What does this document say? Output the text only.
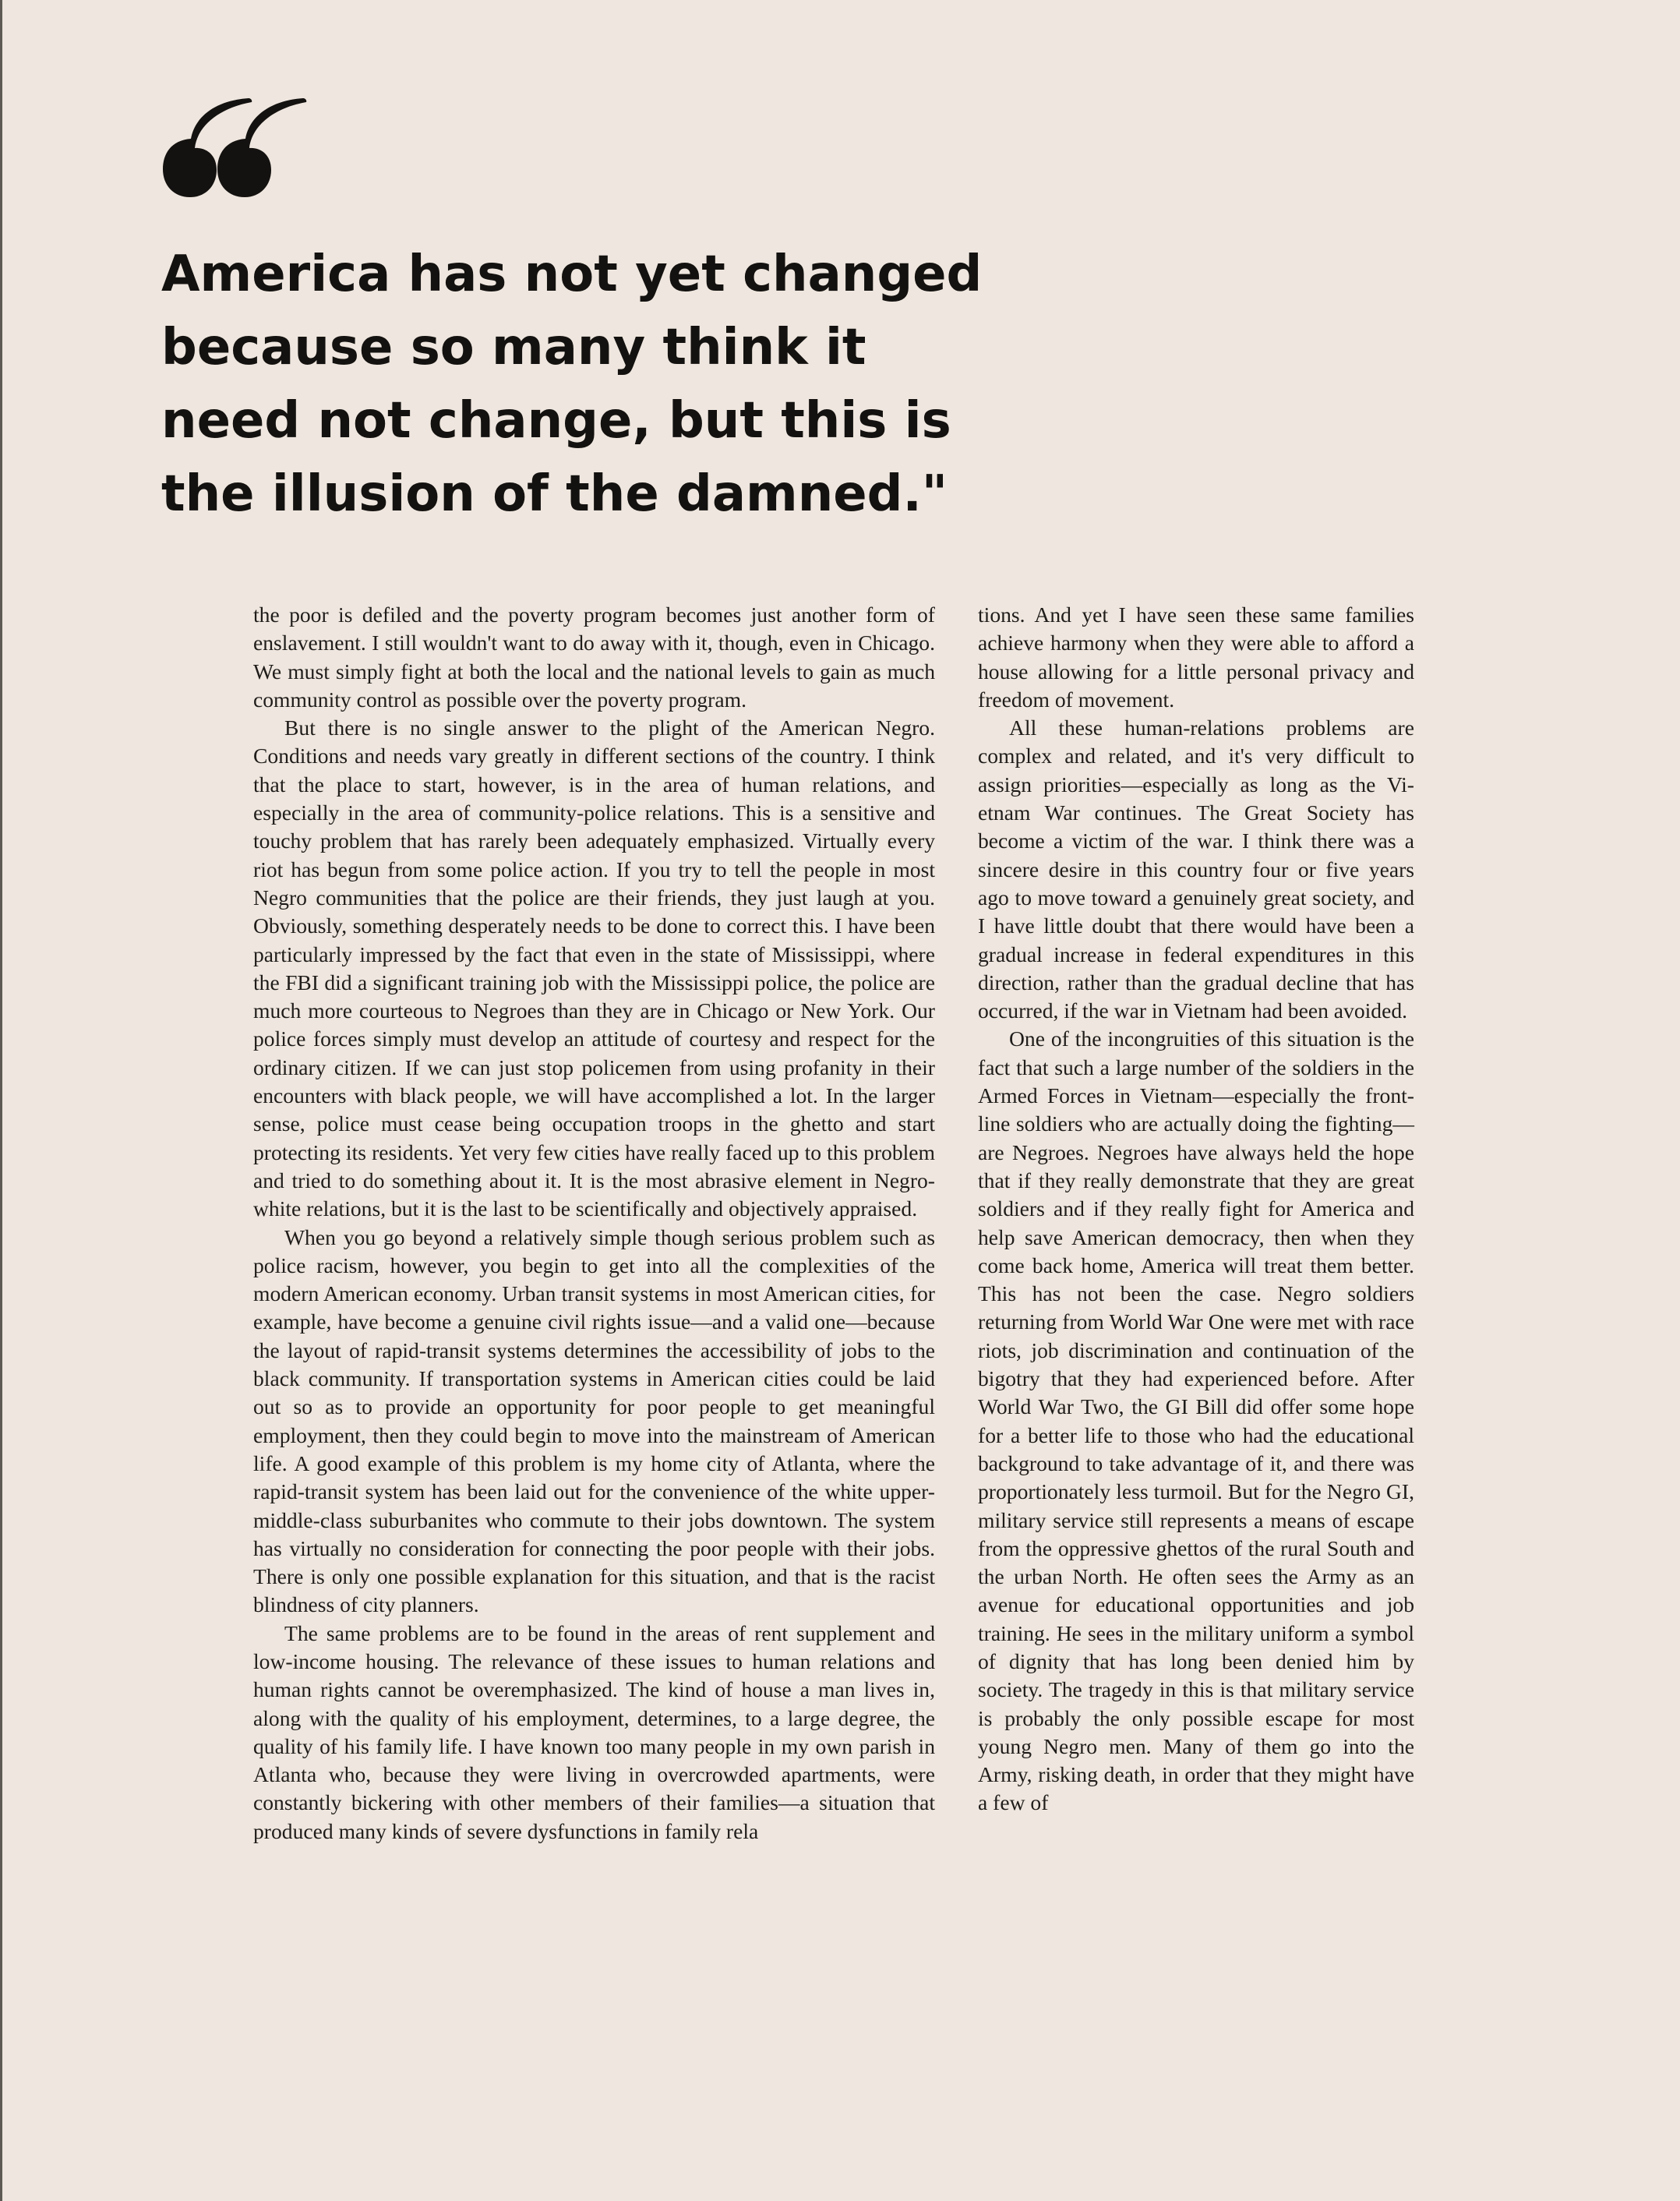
America has not yet changed
because so many think it
need not change, but this is
the illusion of the damned."

the poor is defiled and the poverty program becomes just another form of enslavement. I still wouldn't want to do away with it, though, even in Chicago. We must simply fight at both the local and the national levels to gain as much community control as possible over the poverty program.

But there is no single answer to the plight of the American Negro. Conditions and needs vary greatly in different sections of the country. I think that the place to start, however, is in the area of human relations, and especially in the area of community-police relations. This is a sensitive and touchy problem that has rarely been adequately emphasized. Virtually every riot has begun from some police action. If you try to tell the people in most Negro communities that the police are their friends, they just laugh at you. Obviously, something desperately needs to be done to correct this. I have been particularly impressed by the fact that even in the state of Mississippi, where the FBI did a significant training job with the Mississippi police, the police are much more courteous to Negroes than they are in Chicago or New York. Our police forces simply must develop an attitude of courtesy and respect for the ordinary citizen. If we can just stop policemen from using profanity in their encounters with black people, we will have accomplished a lot. In the larger sense, police must cease being occupation troops in the ghetto and start protecting its residents. Yet very few cities have really faced up to this problem and tried to do something about it. It is the most abrasive element in Negro-white relations, but it is the last to be scientifically and objectively appraised.

When you go beyond a relatively simple though serious problem such as police racism, however, you begin to get into all the complexities of the modern American economy. Urban transit systems in most American cities, for example, have become a genuine civil rights issue—and a valid one—because the layout of rapid-transit systems determines the accessibility of jobs to the black community. If transportation systems in American cities could be laid out so as to provide an opportunity for poor people to get meaningful employment, then they could begin to move into the mainstream of American life. A good example of this problem is my home city of Atlanta, where the rapid-transit system has been laid out for the convenience of the white upper-middle-class suburbanites who commute to their jobs downtown. The system has virtually no consideration for connecting the poor people with their jobs. There is only one possible explanation for this situation, and that is the racist blindness of city planners.

The same problems are to be found in the areas of rent supplement and low-income housing. The relevance of these issues to human relations and human rights cannot be overemphasized. The kind of house a man lives in, along with the quality of his employment, determines, to a large degree, the quality of his family life. I have known too many people in my own parish in Atlanta who, because they were living in overcrowded apartments, were constantly bickering with other members of their families—a situation that produced many kinds of severe dysfunctions in family rela

tions. And yet I have seen these same families achieve harmony when they were able to afford a house allowing for a little personal privacy and freedom of movement.

All these human-relations problems are complex and related, and it's very difficult to assign priorities—especially as long as the Vietnam War continues. The Great Society has become a victim of the war. I think there was a sincere desire in this country four or five years ago to move toward a genuinely great society, and I have little doubt that there would have been a gradual increase in federal expenditures in this direction, rather than the gradual decline that has occurred, if the war in Vietnam had been avoided.

One of the incongruities of this situation is the fact that such a large number of the soldiers in the Armed Forces in Vietnam—especially the front-line soldiers who are actually doing the fighting—are Negroes. Negroes have always held the hope that if they really demonstrate that they are great soldiers and if they really fight for America and help save American democracy, then when they come back home, America will treat them better. This has not been the case. Negro soldiers returning from World War One were met with race riots, job discrimination and continuation of the bigotry that they had experienced before. After World War Two, the GI Bill did offer some hope for a better life to those who had the educational background to take advantage of it, and there was proportionately less turmoil. But for the Negro GI, military service still represents a means of escape from the oppressive ghettos of the rural South and the urban North. He often sees the Army as an avenue for educational opportunities and job training. He sees in the military uniform a symbol of dignity that has long been denied him by society. The tragedy in this is that military service is probably the only possible escape for most young Negro men. Many of them go into the Army, risking death, in order that they might have a few of
